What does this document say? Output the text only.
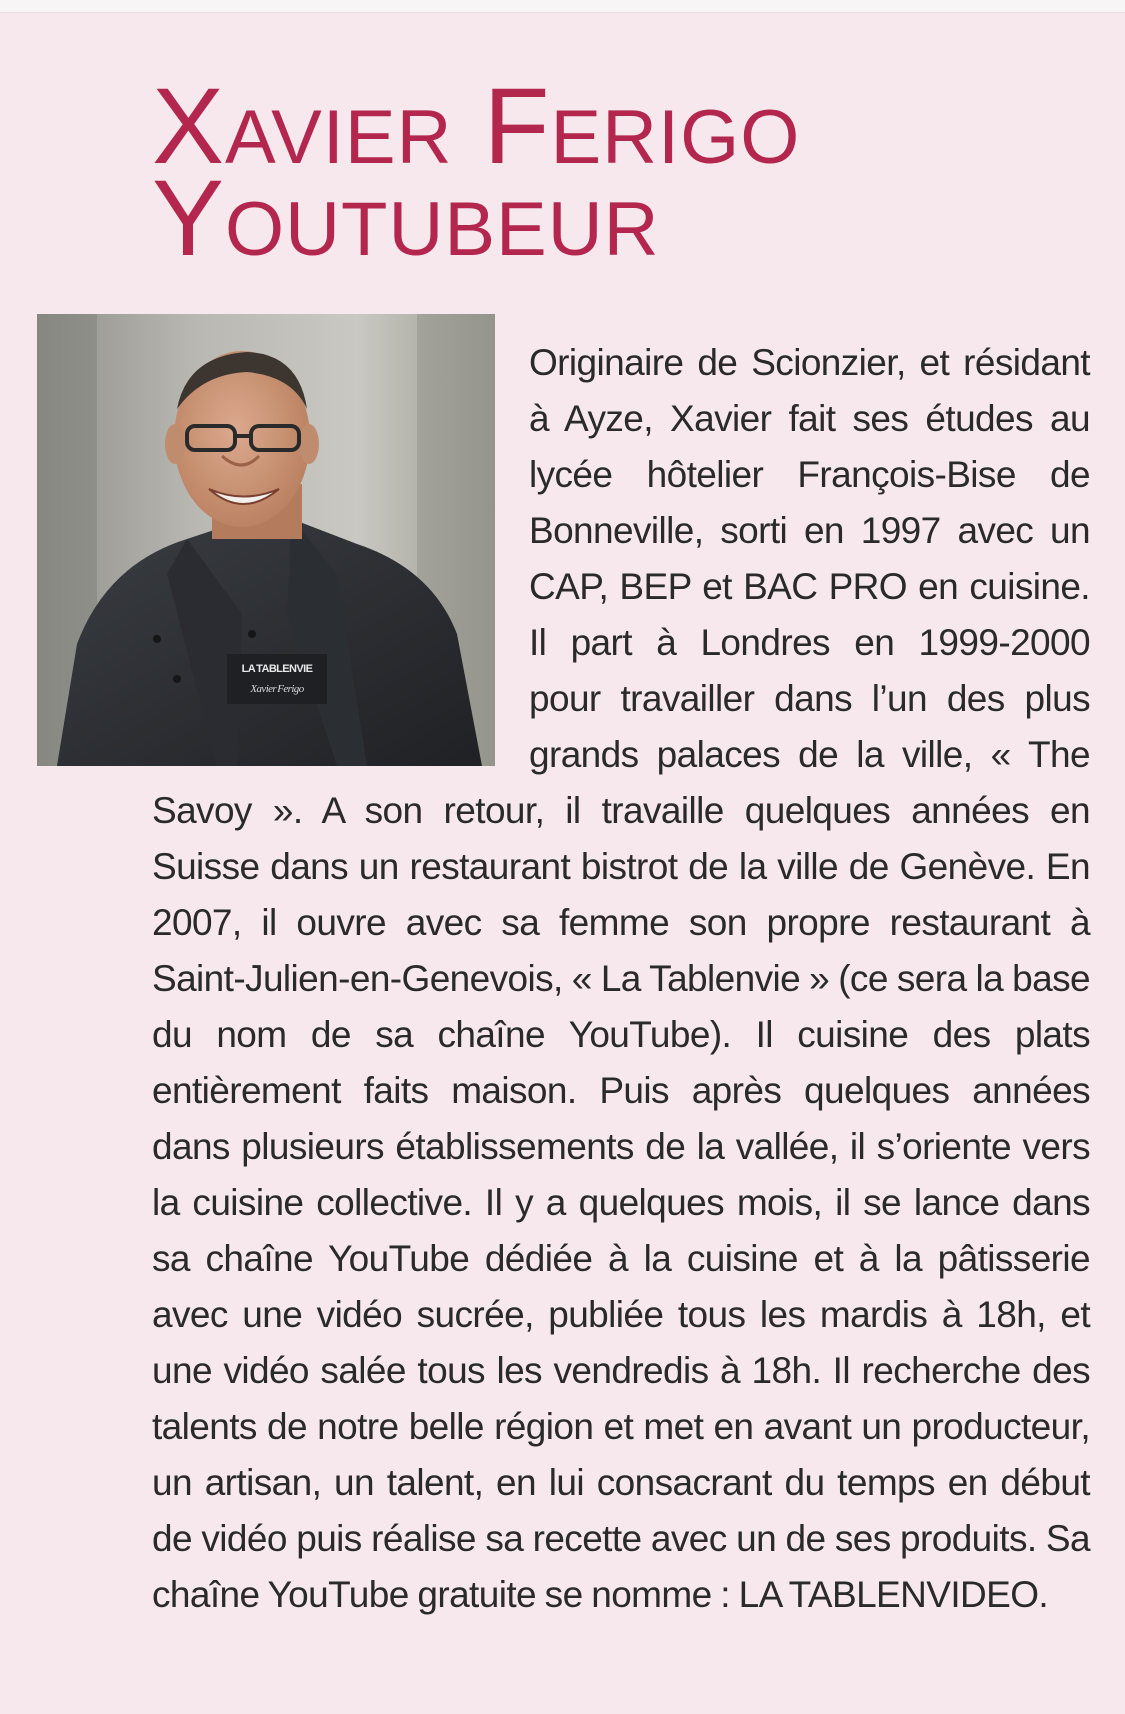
Xavier Ferigo
Youtubeur
LA TABLENVIE
Xavier Ferigo

Originaire de Scionzier, et résidant à Ayze, Xavier fait ses études au lycée hôtelier François-Bise de Bonneville, sorti en 1997 avec un CAP, BEP et BAC PRO en cuisine. Il part à Londres en 1999-2000 pour travailler dans l’un des plus grands palaces de la ville, « The Savoy ». A son retour, il travaille quelques années en Suisse dans un restaurant bistrot de la ville de Genève. En 2007, il ouvre avec sa femme son propre restaurant à Saint-Julien-en-Genevois, « La Tablenvie » (ce sera la base du nom de sa chaîne YouTube). Il cuisine des plats entièrement faits maison. Puis après quelques années dans plusieurs établissements de la vallée, il s’oriente vers la cuisine collective. Il y a quelques mois, il se lance dans sa chaîne YouTube dédiée à la cuisine et à la pâtisserie avec une vidéo sucrée, publiée tous les mardis à 18h, et une vidéo salée tous les vendredis à 18h. Il recherche des talents de notre belle région et met en avant un producteur, un artisan, un talent, en lui consacrant du temps en début de vidéo puis réalise sa recette avec un de ses produits. Sa chaîne YouTube gratuite se nomme : LA TABLENVIDEO.
